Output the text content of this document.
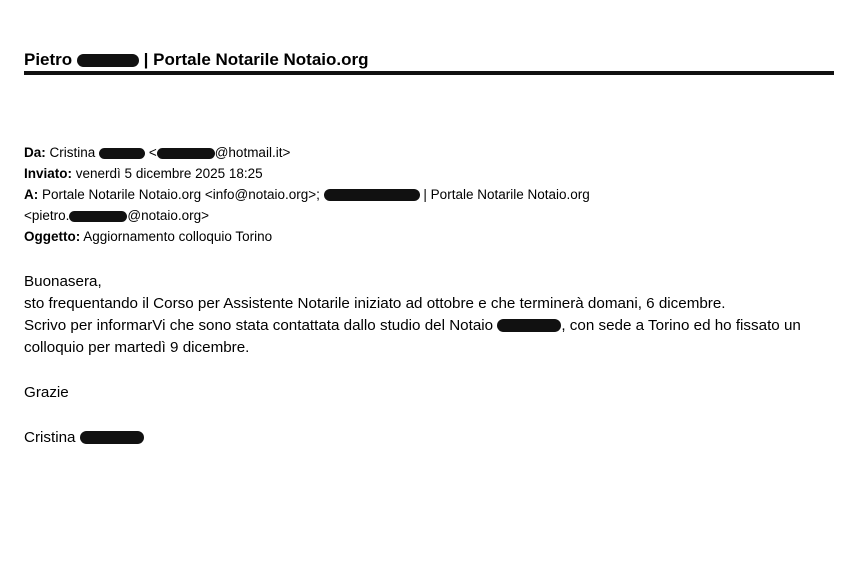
Pietro	| Portale Notarile Notaio.org
Da: Cristina	<	@hotmail.it>
Inviato: venerdì 5 dicembre 2025 18:25
A: Portale Notarile Notaio.org <info@notaio.org>;	| Portale Notarile Notaio.org
<pietro.	@notaio.org>
Oggetto: Aggiornamento colloquio Torino

Buonasera,

sto frequentando il Corso per Assistente Notarile iniziato ad ottobre e che terminerà domani, 6 dicembre.

Scrivo per informarVi che sono stata contattata dallo studio del Notaio	, con sede a Torino ed ho fissato un colloquio per martedì 9 dicembre.

Grazie

Cristina
